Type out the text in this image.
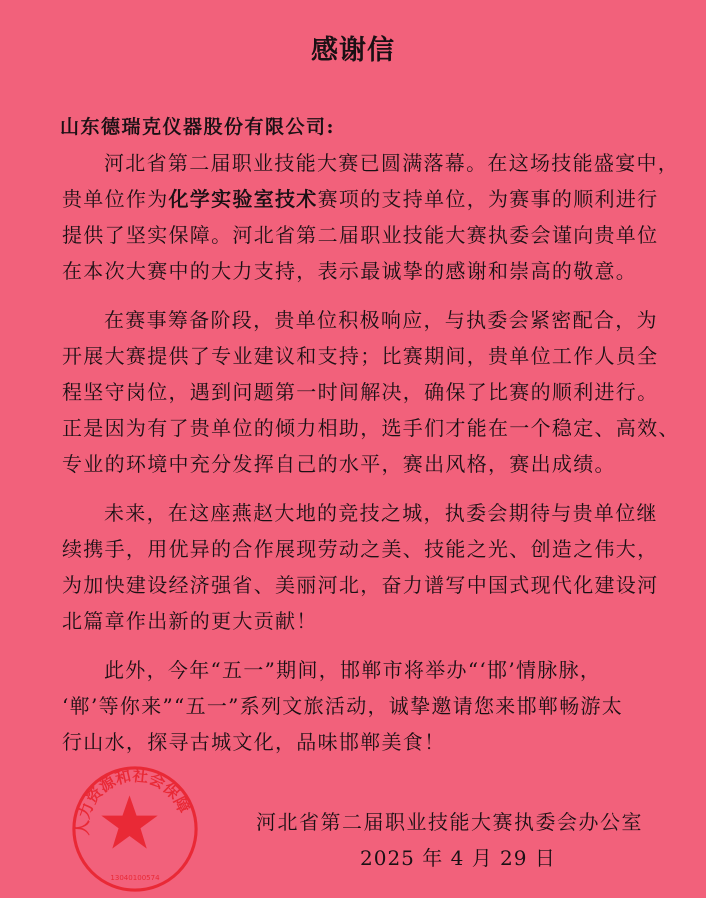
感谢信
山东德瑞克仪器股份有限公司:
河北省第二届职业技能大赛已圆满落幕。在这场技能盛宴中，
贵单位作为化学实验室技术赛项的支持单位，为赛事的顺利进行
提供了坚实保障。河北省第二届职业技能大赛执委会谨向贵单位
在本次大赛中的大力支持，表示最诚挚的感谢和崇高的敬意。
在赛事筹备阶段，贵单位积极响应，与执委会紧密配合，为
开展大赛提供了专业建议和支持；比赛期间，贵单位工作人员全
程坚守岗位，遇到问题第一时间解决，确保了比赛的顺利进行。
正是因为有了贵单位的倾力相助，选手们才能在一个稳定、高效、
专业的环境中充分发挥自己的水平，赛出风格，赛出成绩。
未来，在这座燕赵大地的竞技之城，执委会期待与贵单位继
续携手，用优异的合作展现劳动之美、技能之光、创造之伟大，
为加快建设经济强省、美丽河北，奋力谱写中国式现代化建设河
北篇章作出新的更大贡献！
此外，今年“五一”期间，邯郸市将举办“‘邯’情脉脉，
‘郸’等你来”“五一”系列文旅活动，诚挚邀请您来邯郸畅游太
行山水，探寻古城文化，品味邯郸美食！
人力资源和社会保障
13040100574
河北省第二届职业技能大赛执委会办公室
2025 年 4 月 29 日
